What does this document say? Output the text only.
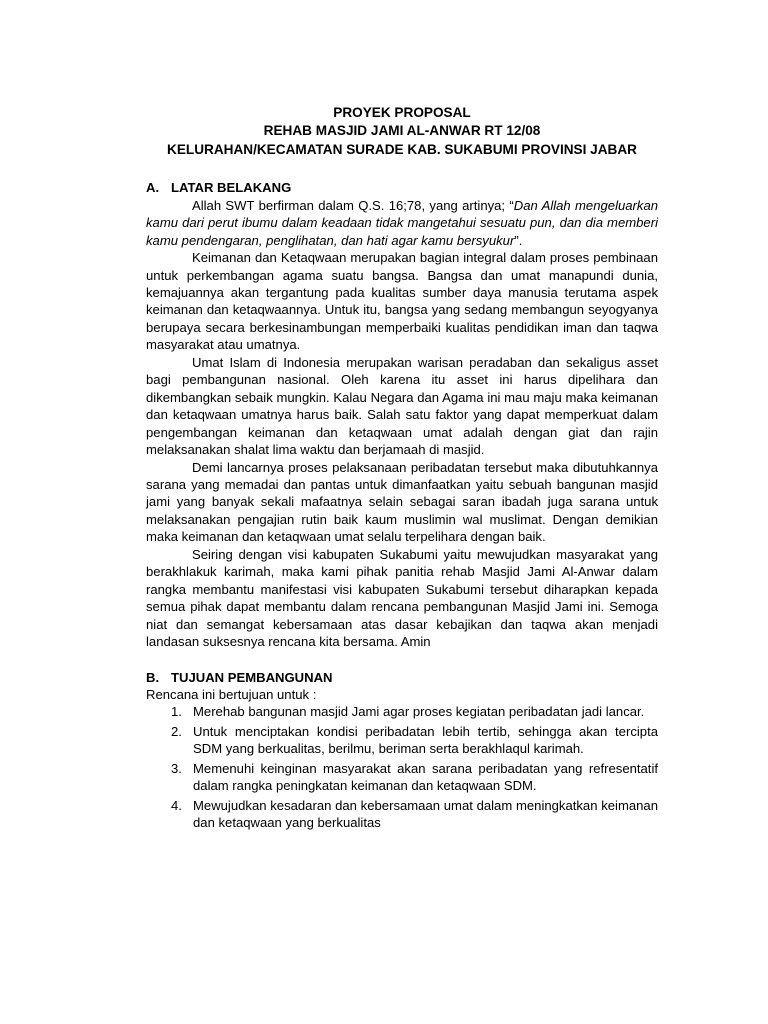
PROYEK PROPOSAL
REHAB MASJID JAMI AL-ANWAR RT 12/08
KELURAHAN/KECAMATAN SURADE KAB. SUKABUMI PROVINSI JABAR
A. LATAR BELAKANG

Allah SWT berfirman dalam Q.S. 16;78, yang artinya; “Dan Allah mengeluarkan kamu dari perut ibumu dalam keadaan tidak mangetahui sesuatu pun, dan dia memberi kamu pendengaran, penglihatan, dan hati agar kamu bersyukur”.

Keimanan dan Ketaqwaan merupakan bagian integral dalam proses pembinaan untuk perkembangan agama suatu bangsa. Bangsa dan umat manapundi dunia, kemajuannya akan tergantung pada kualitas sumber daya manusia terutama aspek keimanan dan ketaqwaannya. Untuk itu, bangsa yang sedang membangun seyogyanya berupaya secara berkesinambungan memperbaiki kualitas pendidikan iman dan taqwa masyarakat atau umatnya.

Umat Islam di Indonesia merupakan warisan peradaban dan sekaligus asset bagi pembangunan nasional. Oleh karena itu asset ini harus dipelihara dan dikembangkan sebaik mungkin. Kalau Negara dan Agama ini mau maju maka keimanan dan ketaqwaan umatnya harus baik. Salah satu faktor yang dapat memperkuat dalam pengembangan keimanan dan ketaqwaan umat adalah dengan giat dan rajin melaksanakan shalat lima waktu dan berjamaah di masjid.

Demi lancarnya proses pelaksanaan peribadatan tersebut maka dibutuhkannya sarana yang memadai dan pantas untuk dimanfaatkan yaitu sebuah bangunan masjid jami yang banyak sekali mafaatnya selain sebagai saran ibadah juga sarana untuk melaksanakan pengajian rutin baik kaum muslimin wal muslimat. Dengan demikian maka keimanan dan ketaqwaan umat selalu terpelihara dengan baik.

Seiring dengan visi kabupaten Sukabumi yaitu mewujudkan masyarakat yang berakhlakuk karimah, maka kami pihak panitia rehab Masjid Jami Al-Anwar dalam rangka membantu manifestasi visi kabupaten Sukabumi tersebut diharapkan kepada semua pihak dapat membantu dalam rencana pembangunan Masjid Jami ini. Semoga niat dan semangat kebersamaan atas dasar kebajikan dan taqwa akan menjadi landasan suksesnya rencana kita bersama. Amin

B. TUJUAN PEMBANGUNAN

Rencana ini bertujuan untuk :

1. Merehab bangunan masjid Jami agar proses kegiatan peribadatan jadi lancar.
2. Untuk menciptakan kondisi peribadatan lebih tertib, sehingga akan tercipta SDM yang berkualitas, berilmu, beriman serta berakhlaqul karimah.
3. Memenuhi keinginan masyarakat akan sarana peribadatan yang refresentatif dalam rangka peningkatan keimanan dan ketaqwaan SDM.
4. Mewujudkan kesadaran dan kebersamaan umat dalam meningkatkan keimanan dan ketaqwaan yang berkualitas
